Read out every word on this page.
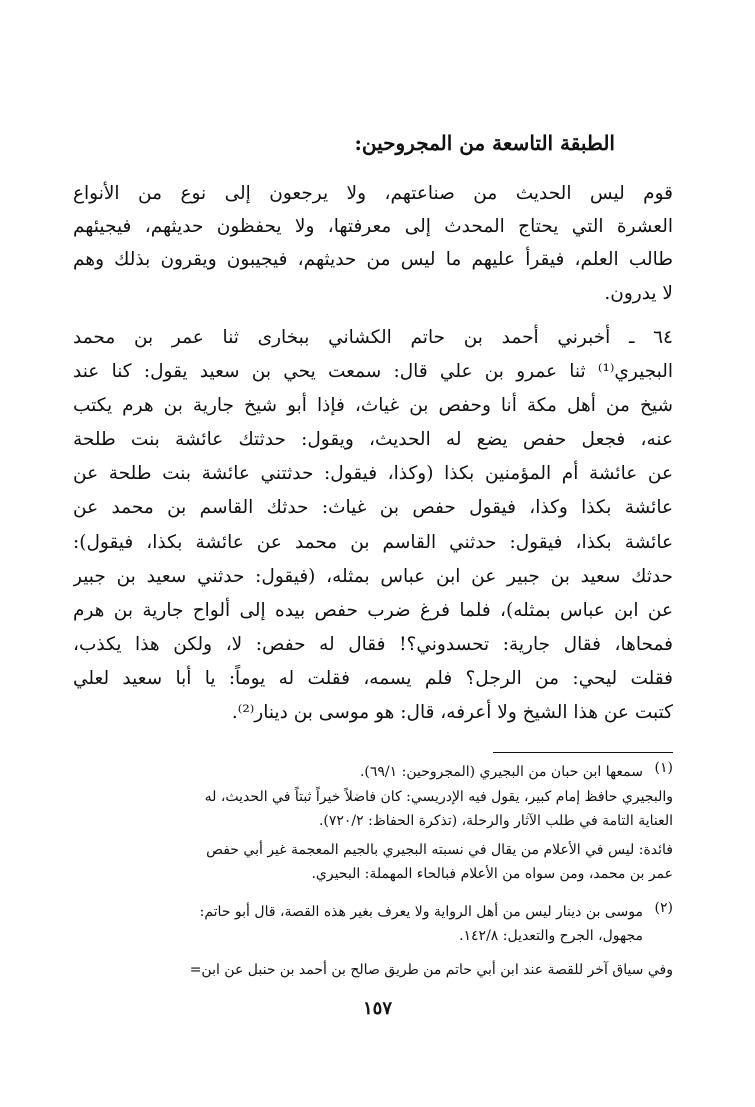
الطبقة التاسعة من المجروحين:
قوم ليس الحديث من صناعتهم، ولا يرجعون إلى نوع من الأنواع
العشرة التي يحتاج المحدث إلى معرفتها، ولا يحفظون حديثهم، فيجيئهم
طالب العلم، فيقرأ عليهم ما ليس من حديثهم، فيجيبون ويقرون بذلك وهم
لا يدرون.
٦٤ ـ أخبرني أحمد بن حاتم الكشاني ببخارى ثنا عمر بن محمد
البجيري⁽¹⁾ ثنا عمرو بن علي قال: سمعت يحي بن سعيد يقول: كنا عند
شيخ من أهل مكة أنا وحفص بن غياث، فإذا أبو شيخ جارية بن هرم يكتب
عنه، فجعل حفص يضع له الحديث، ويقول: حدثتك عائشة بنت طلحة
عن عائشة أم المؤمنين بكذا (وكذا، فيقول: حدثتني عائشة بنت طلحة عن
عائشة بكذا وكذا، فيقول حفص بن غياث: حدثك القاسم بن محمد عن
عائشة بكذا، فيقول: حدثني القاسم بن محمد عن عائشة بكذا، فيقول):
حدثك سعيد بن جبير عن ابن عباس بمثله، (فيقول: حدثني سعيد بن جبير
عن ابن عباس بمثله)، فلما فرغ ضرب حفص بيده إلى ألواح جارية بن هرم
فمحاها، فقال جارية: تحسدوني؟! فقال له حفص: لا، ولكن هذا يكذب،
فقلت ليحي: من الرجل؟ فلم يسمه، فقلت له يوماً: يا أبا سعيد لعلي
كتبت عن هذا الشيخ ولا أعرفه، قال: هو موسى بن دينار⁽²⁾.
(١)
سمعها ابن حبان من البجيري (المجروحين: ٦٩/١).
والبجيري حافظ إمام كبير، يقول فيه الإدريسي: كان فاضلاً خيراً ثبتاً في الحديث، له
العناية التامة في طلب الآثار والرحلة، (تذكرة الحفاظ: ٧٢٠/٢).
فائدة: ليس في الأعلام من يقال في نسبته البجيري بالجيم المعجمة غير أبي حفص
عمر بن محمد، ومن سواه من الأعلام فبالحاء المهملة: البحيري.
(٢)
موسى بن دينار ليس من أهل الرواية ولا يعرف بغير هذه القصة، قال أبو حاتم:
مجهول، الجرح والتعديل: ١٤٢/٨.
وفي سياق آخر للقصة عند ابن أبي حاتم من طريق صالح بن أحمد بن حنبل عن ابن=
١٥٧
